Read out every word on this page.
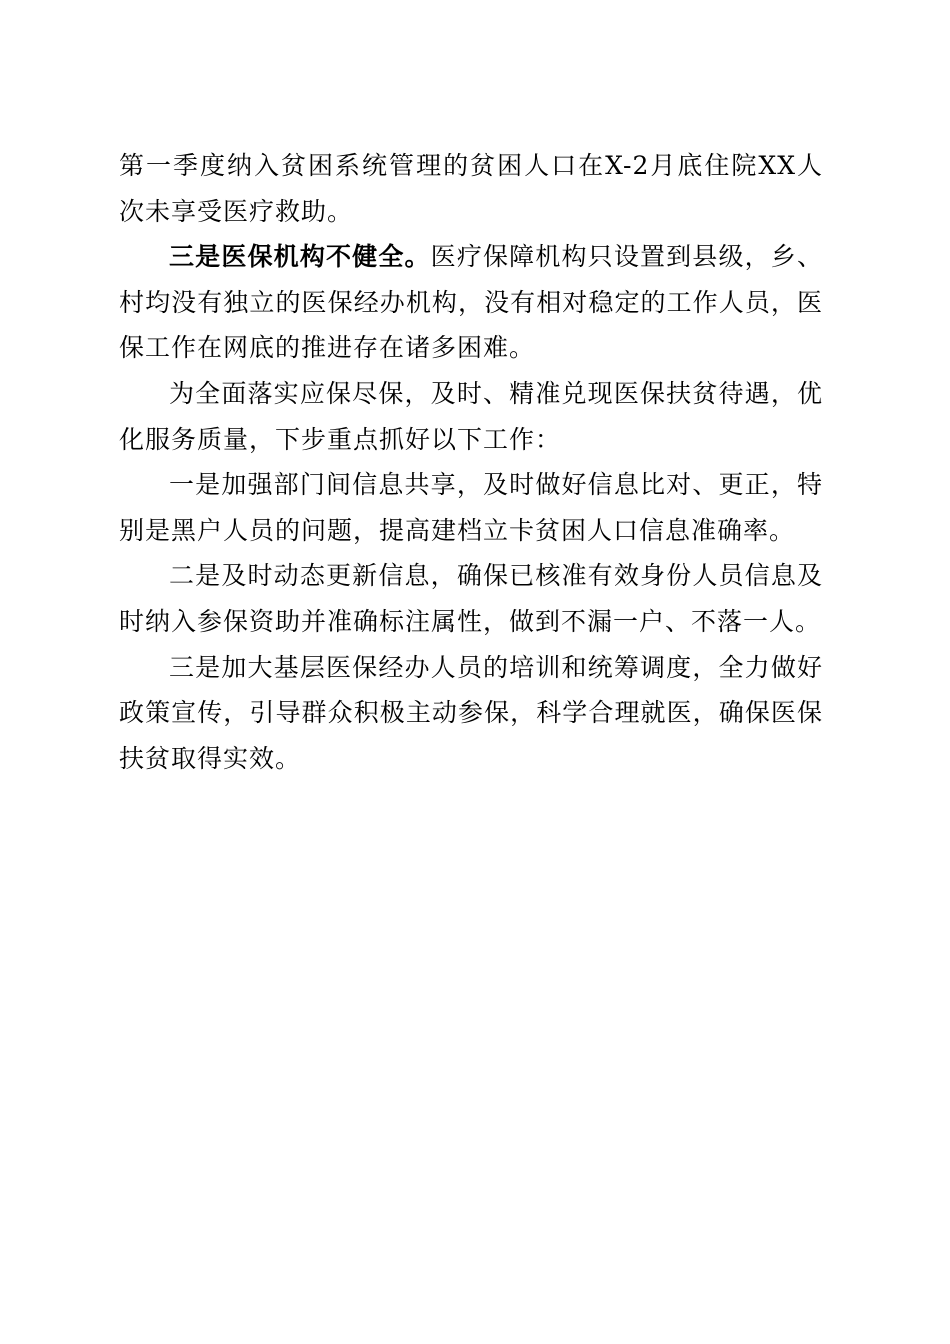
第一季度纳入贫困系统管理的贫困人口在X-2月底住院XX人次未享受医疗救助。

三是医保机构不健全。医疗保障机构只设置到县级，乡、村均没有独立的医保经办机构，没有相对稳定的工作人员，医保工作在网底的推进存在诸多困难。

为全面落实应保尽保，及时、精准兑现医保扶贫待遇，优化服务质量，下步重点抓好以下工作：

一是加强部门间信息共享，及时做好信息比对、更正，特别是黑户人员的问题，提高建档立卡贫困人口信息准确率。

二是及时动态更新信息，确保已核准有效身份人员信息及时纳入参保资助并准确标注属性，做到不漏一户、不落一人。

三是加大基层医保经办人员的培训和统筹调度，全力做好政策宣传，引导群众积极主动参保，科学合理就医，确保医保扶贫取得实效。
